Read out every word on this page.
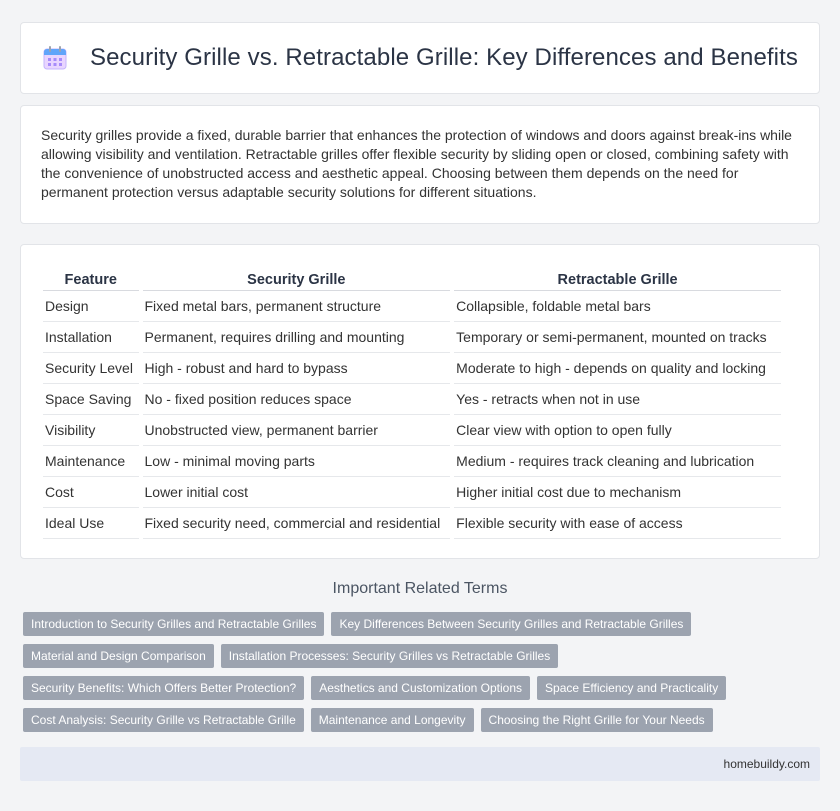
Security Grille vs. Retractable Grille: Key Differences and Benefits

Security grilles provide a fixed, durable barrier that enhances the protection of windows and doors against break-ins while allowing visibility and ventilation. Retractable grilles offer flexible security by sliding open or closed, combining safety with the convenience of unobstructed access and aesthetic appeal. Choosing between them depends on the need for permanent protection versus adaptable security solutions for different situations.

Feature	Security Grille	Retractable Grille
Design	Fixed metal bars, permanent structure	Collapsible, foldable metal bars
Installation	Permanent, requires drilling and mounting	Temporary or semi-permanent, mounted on tracks
Security Level	High - robust and hard to bypass	Moderate to high - depends on quality and locking
Space Saving	No - fixed position reduces space	Yes - retracts when not in use
Visibility	Unobstructed view, permanent barrier	Clear view with option to open fully
Maintenance	Low - minimal moving parts	Medium - requires track cleaning and lubrication
Cost	Lower initial cost	Higher initial cost due to mechanism
Ideal Use	Fixed security need, commercial and residential	Flexible security with ease of access
Important Related Terms
Introduction to Security Grilles and Retractable Grilles	Key Differences Between Security Grilles and Retractable Grilles
Material and Design Comparison	Installation Processes: Security Grilles vs Retractable Grilles
Security Benefits: Which Offers Better Protection?	Aesthetics and Customization Options	Space Efficiency and Practicality
Cost Analysis: Security Grille vs Retractable Grille	Maintenance and Longevity	Choosing the Right Grille for Your Needs
homebuildy.com
